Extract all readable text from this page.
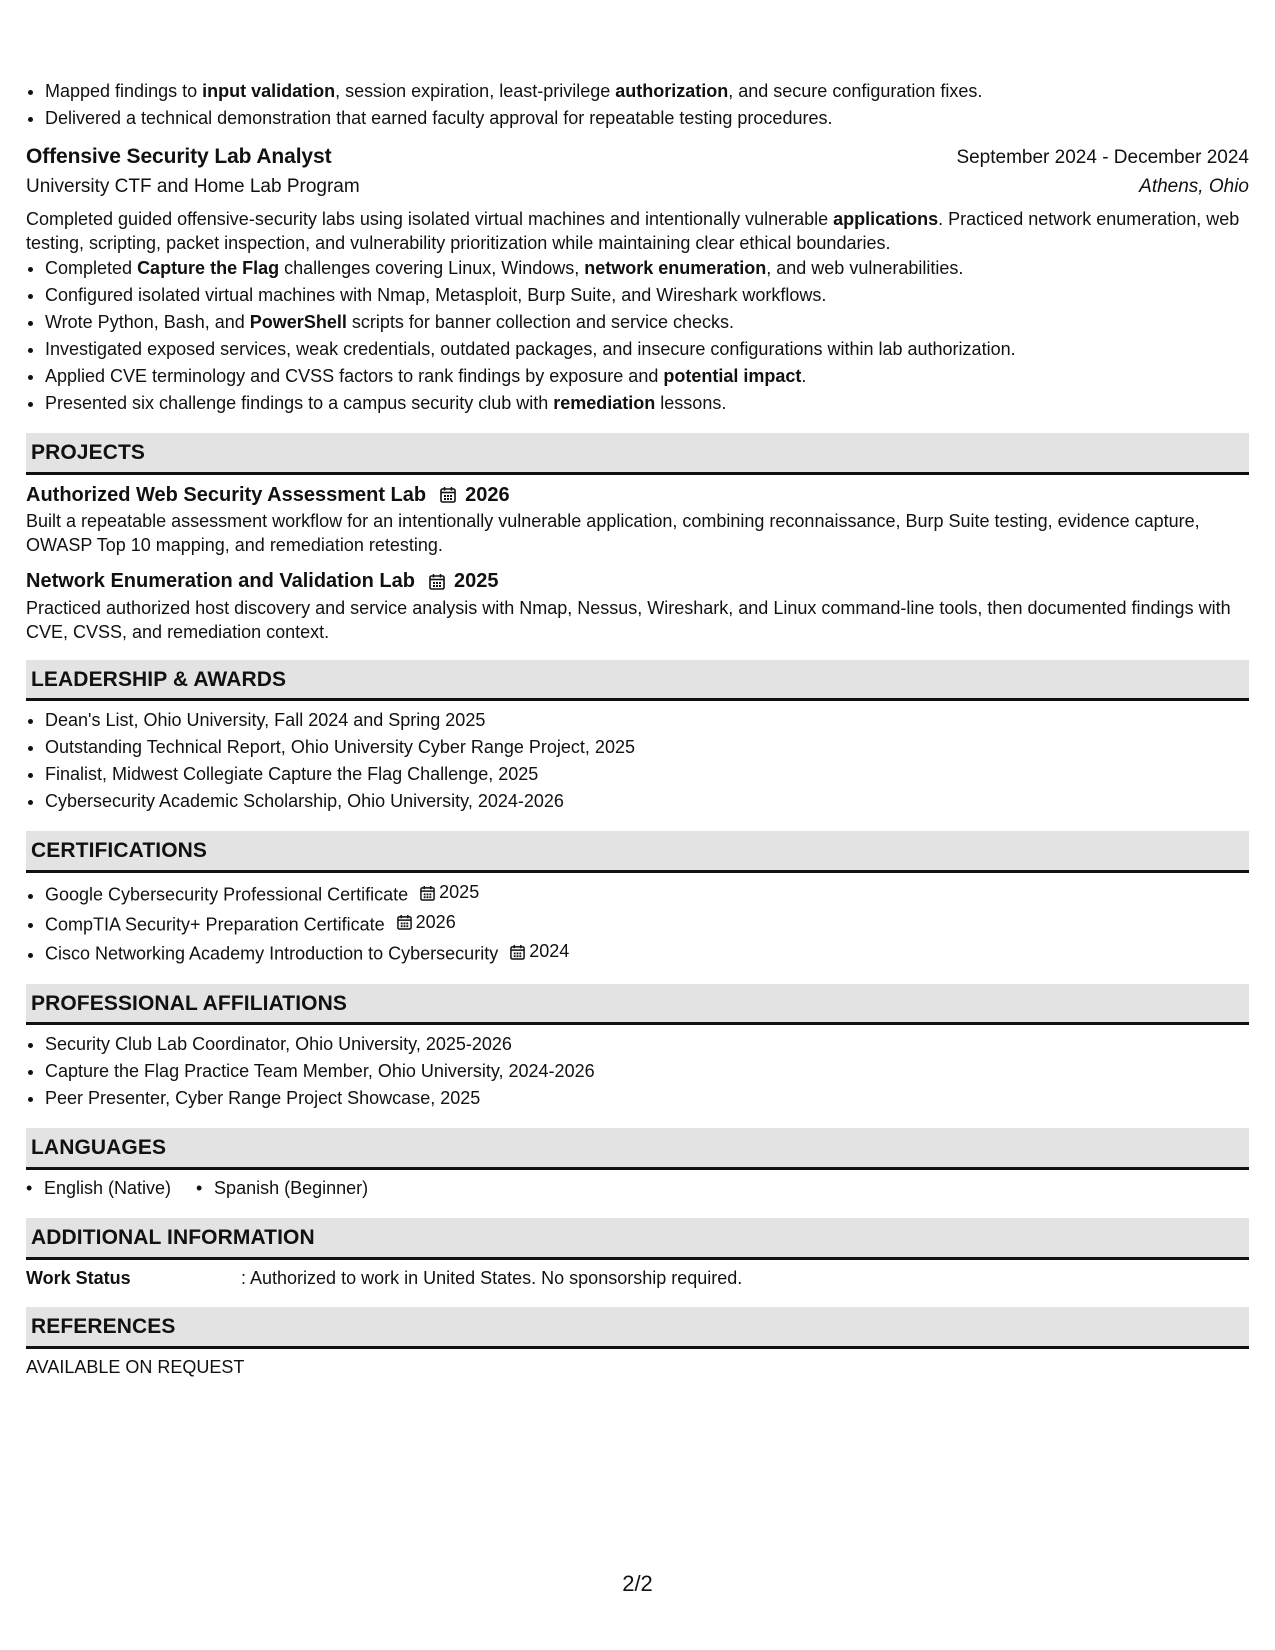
• Mapped findings to input validation, session expiration, least-privilege authorization, and secure configuration fixes.
• Delivered a technical demonstration that earned faculty approval for repeatable testing procedures.
Offensive Security Lab Analyst	September 2024 - December 2024
University CTF and Home Lab Program	Athens, Ohio

Completed guided offensive-security labs using isolated virtual machines and intentionally vulnerable applications. Practiced network enumeration, web testing, scripting, packet inspection, and vulnerability prioritization while maintaining clear ethical boundaries.

• Completed Capture the Flag challenges covering Linux, Windows, network enumeration, and web vulnerabilities.
• Configured isolated virtual machines with Nmap, Metasploit, Burp Suite, and Wireshark workflows.
• Wrote Python, Bash, and PowerShell scripts for banner collection and service checks.
• Investigated exposed services, weak credentials, outdated packages, and insecure configurations within lab authorization.
• Applied CVE terminology and CVSS factors to rank findings by exposure and potential impact.
• Presented six challenge findings to a campus security club with remediation lessons.
PROJECTS
Authorized Web Security Assessment Lab 2026

Built a repeatable assessment workflow for an intentionally vulnerable application, combining reconnaissance, Burp Suite testing, evidence capture, OWASP Top 10 mapping, and remediation retesting.

Network Enumeration and Validation Lab 2025

Practiced authorized host discovery and service analysis with Nmap, Nessus, Wireshark, and Linux command-line tools, then documented findings with CVE, CVSS, and remediation context.

LEADERSHIP & AWARDS
• Dean's List, Ohio University, Fall 2024 and Spring 2025
• Outstanding Technical Report, Ohio University Cyber Range Project, 2025
• Finalist, Midwest Collegiate Capture the Flag Challenge, 2025
• Cybersecurity Academic Scholarship, Ohio University, 2024-2026
CERTIFICATIONS
• Google Cybersecurity Professional Certificate 2025
• CompTIA Security+ Preparation Certificate 2026
• Cisco Networking Academy Introduction to Cybersecurity 2024
PROFESSIONAL AFFILIATIONS
• Security Club Lab Coordinator, Ohio University, 2025-2026
• Capture the Flag Practice Team Member, Ohio University, 2024-2026
• Peer Presenter, Cyber Range Project Showcase, 2025
LANGUAGES
• English (Native)
•	Spanish (Beginner)
ADDITIONAL INFORMATION
Work Status	: Authorized to work in United States. No sponsorship required.
REFERENCES
AVAILABLE ON REQUEST
2/2
